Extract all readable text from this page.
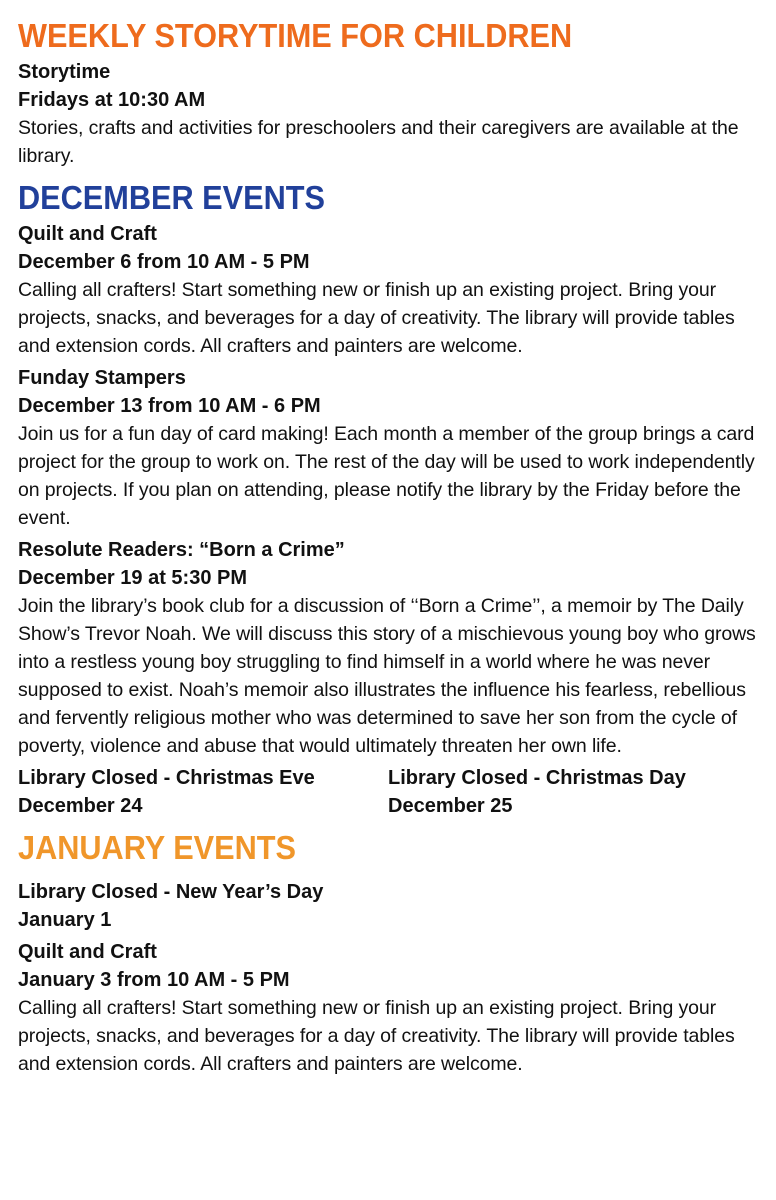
WEEKLY STORYTIME FOR CHILDREN
Storytime
Fridays at 10:30 AM

Stories, crafts and activities for preschoolers and their caregivers are available at the library.

DECEMBER EVENTS
Quilt and Craft
December 6 from 10 AM - 5 PM

Calling all crafters! Start something new or finish up an existing project. Bring your projects, snacks, and beverages for a day of creativity. The library will provide tables and extension cords. All crafters and painters are welcome.

Funday Stampers
December 13 from 10 AM - 6 PM

Join us for a fun day of card making! Each month a member of the group brings a card project for the group to work on. The rest of the day will be used to work independently on projects. If you plan on attending, please notify the library by the Friday before the event.

Resolute Readers: “Born a Crime”
December 19 at 5:30 PM

Join the library’s book club for a discussion of ‘‘Born a Crime’’, a memoir by The Daily Show’s Trevor Noah. We will discuss this story of a mischievous young boy who grows into a restless young boy struggling to find himself in a world where he was never supposed to exist. Noah’s memoir also illustrates the influence his fearless, rebellious and fervently religious mother who was determined to save her son from the cycle of poverty, violence and abuse that would ultimately threaten her own life.

Library Closed - Christmas Eve
December 24
Library Closed - Christmas Day
December 25
JANUARY EVENTS
Library Closed - New Year’s Day
January 1
Quilt and Craft
January 3 from 10 AM - 5 PM

Calling all crafters! Start something new or finish up an existing project. Bring your projects, snacks, and beverages for a day of creativity. The library will provide tables and extension cords. All crafters and painters are welcome.
